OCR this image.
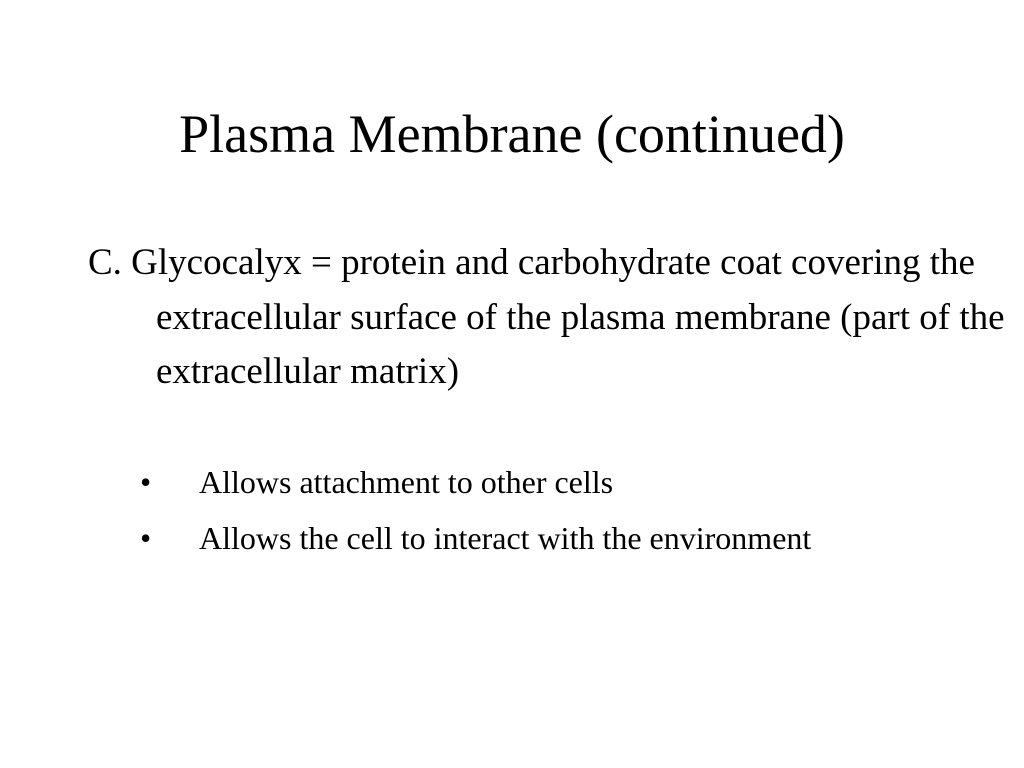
Plasma Membrane (continued)

C. Glycocalyx = protein and carbohydrate coat covering the extracellular surface of the plasma membrane (part of the extracellular matrix)

•	Allows attachment to other cells
•	Allows the cell to interact with the environment
